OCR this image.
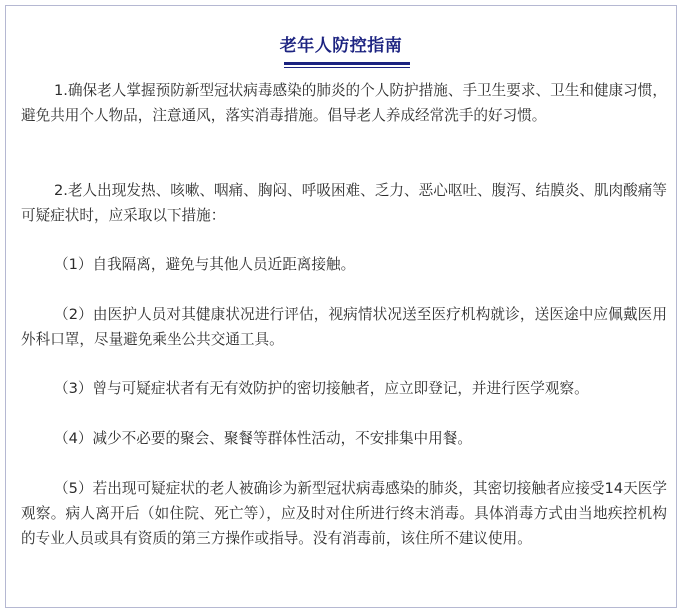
老年人防控指南

1.确保老人掌握预防新型冠状病毒感染的肺炎的个人防护措施、手卫生要求、卫生和健康习惯，避免共用个人物品，注意通风，落实消毒措施。倡导老人养成经常洗手的好习惯。

2.老人出现发热、咳嗽、咽痛、胸闷、呼吸困难、乏力、恶心呕吐、腹泻、结膜炎、肌肉酸痛等可疑症状时，应采取以下措施：

（1）自我隔离，避免与其他人员近距离接触。

（2）由医护人员对其健康状况进行评估，视病情状况送至医疗机构就诊，送医途中应佩戴医用外科口罩，尽量避免乘坐公共交通工具。

（3）曾与可疑症状者有无有效防护的密切接触者，应立即登记，并进行医学观察。

（4）减少不必要的聚会、聚餐等群体性活动，不安排集中用餐。

（5）若出现可疑症状的老人被确诊为新型冠状病毒感染的肺炎，其密切接触者应接受14天医学观察。病人离开后（如住院、死亡等），应及时对住所进行终末消毒。具体消毒方式由当地疾控机构的专业人员或具有资质的第三方操作或指导。没有消毒前，该住所不建议使用。
